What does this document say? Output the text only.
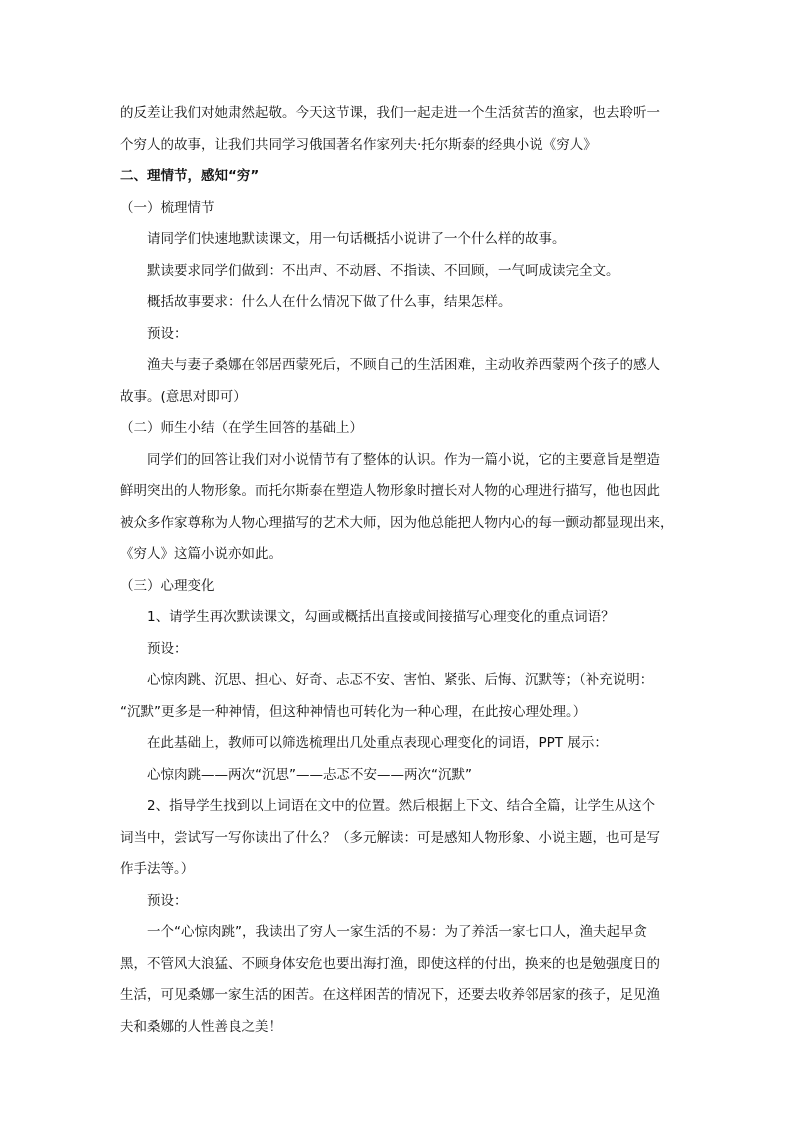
的反差让我们对她肃然起敬。今天这节课，我们一起走进一个生活贫苦的渔家，也去聆听一
个穷人的故事，让我们共同学习俄国著名作家列夫·托尔斯泰的经典小说《穷人》
二、理情节，感知“穷”
（一）梳理情节
请同学们快速地默读课文，用一句话概括小说讲了一个什么样的故事。
默读要求同学们做到：不出声、不动唇、不指读、不回顾，一气呵成读完全文。
概括故事要求：什么人在什么情况下做了什么事，结果怎样。
预设：
渔夫与妻子桑娜在邻居西蒙死后，不顾自己的生活困难，主动收养西蒙两个孩子的感人
故事。(意思对即可）
（二）师生小结（在学生回答的基础上）
同学们的回答让我们对小说情节有了整体的认识。作为一篇小说，它的主要意旨是塑造
鲜明突出的人物形象。而托尔斯泰在塑造人物形象时擅长对人物的心理进行描写，他也因此
被众多作家尊称为人物心理描写的艺术大师，因为他总能把人物内心的每一颤动都显现出来，
《穷人》这篇小说亦如此。
（三）心理变化
1、请学生再次默读课文，勾画或概括出直接或间接描写心理变化的重点词语？
预设：
心惊肉跳、沉思、担心、好奇、忐忑不安、害怕、紧张、后悔、沉默等；（补充说明：
“沉默”更多是一种神情，但这种神情也可转化为一种心理，在此按心理处理。）
在此基础上，教师可以筛选梳理出几处重点表现心理变化的词语，PPT 展示：
心惊肉跳——两次“沉思”——忐忑不安——两次“沉默”
2、指导学生找到以上词语在文中的位置。然后根据上下文、结合全篇，让学生从这个
词当中，尝试写一写你读出了什么？（多元解读：可是感知人物形象、小说主题，也可是写
作手法等。）
预设：
一个“心惊肉跳”，我读出了穷人一家生活的不易：为了养活一家七口人，渔夫起早贪
黑，不管风大浪猛、不顾身体安危也要出海打渔，即使这样的付出，换来的也是勉强度日的
生活，可见桑娜一家生活的困苦。在这样困苦的情况下，还要去收养邻居家的孩子，足见渔
夫和桑娜的人性善良之美！
